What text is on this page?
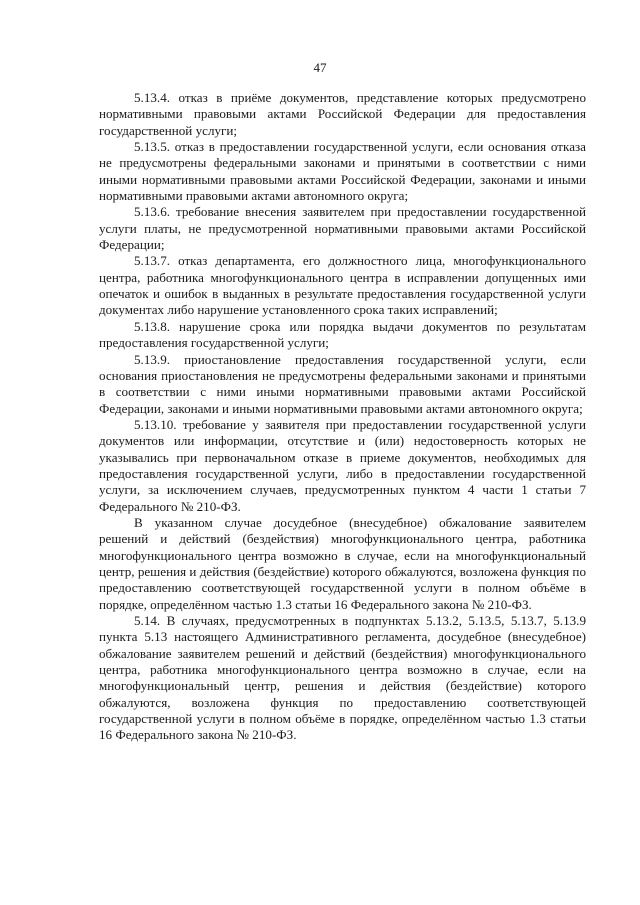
47

5.13.4. отказ в приёме документов, представление которых предусмотрено нормативными правовыми актами Российской Федерации для предоставления государственной услуги;

5.13.5. отказ в предоставлении государственной услуги, если основания отказа не предусмотрены федеральными законами и принятыми в соответствии с ними иными нормативными правовыми актами Российской Федерации, законами и иными нормативными правовыми актами автономного округа;

5.13.6. требование внесения заявителем при предоставлении государственной услуги платы, не предусмотренной нормативными правовыми актами Российской Федерации;

5.13.7. отказ департамента, его должностного лица, многофункционального центра, работника многофункционального центра в исправлении допущенных ими опечаток и ошибок в выданных в результате предоставления государственной услуги документах либо нарушение установленного срока таких исправлений;

5.13.8. нарушение срока или порядка выдачи документов по результатам предоставления государственной услуги;

5.13.9. приостановление предоставления государственной услуги, если основания приостановления не предусмотрены федеральными законами и принятыми в соответствии с ними иными нормативными правовыми актами Российской Федерации, законами и иными нормативными правовыми актами автономного округа;

5.13.10. требование у заявителя при предоставлении государственной услуги документов или информации, отсутствие и (или) недостоверность которых не указывались при первоначальном отказе в приеме документов, необходимых для предоставления государственной услуги, либо в предоставлении государственной услуги, за исключением случаев, предусмотренных пунктом 4 части 1 статьи 7 Федерального № 210-ФЗ.

В указанном случае досудебное (внесудебное) обжалование заявителем решений и действий (бездействия) многофункционального центра, работника многофункционального центра возможно в случае, если на многофункциональный центр, решения и действия (бездействие) которого обжалуются, возложена функция по предоставлению соответствующей государственной услуги в полном объёме в порядке, определённом частью 1.3 статьи 16 Федерального закона № 210-ФЗ.

5.14. В случаях, предусмотренных в подпунктах 5.13.2, 5.13.5, 5.13.7, 5.13.9 пункта 5.13 настоящего Административного регламента, досудебное (внесудебное) обжалование заявителем решений и действий (бездействия) многофункционального центра, работника многофункционального центра возможно в случае, если на многофункциональный центр, решения и действия (бездействие) которого обжалуются, возложена функция по предоставлению соответствующей государственной услуги в полном объёме в порядке, определённом частью 1.3 статьи 16 Федерального закона № 210-ФЗ.
